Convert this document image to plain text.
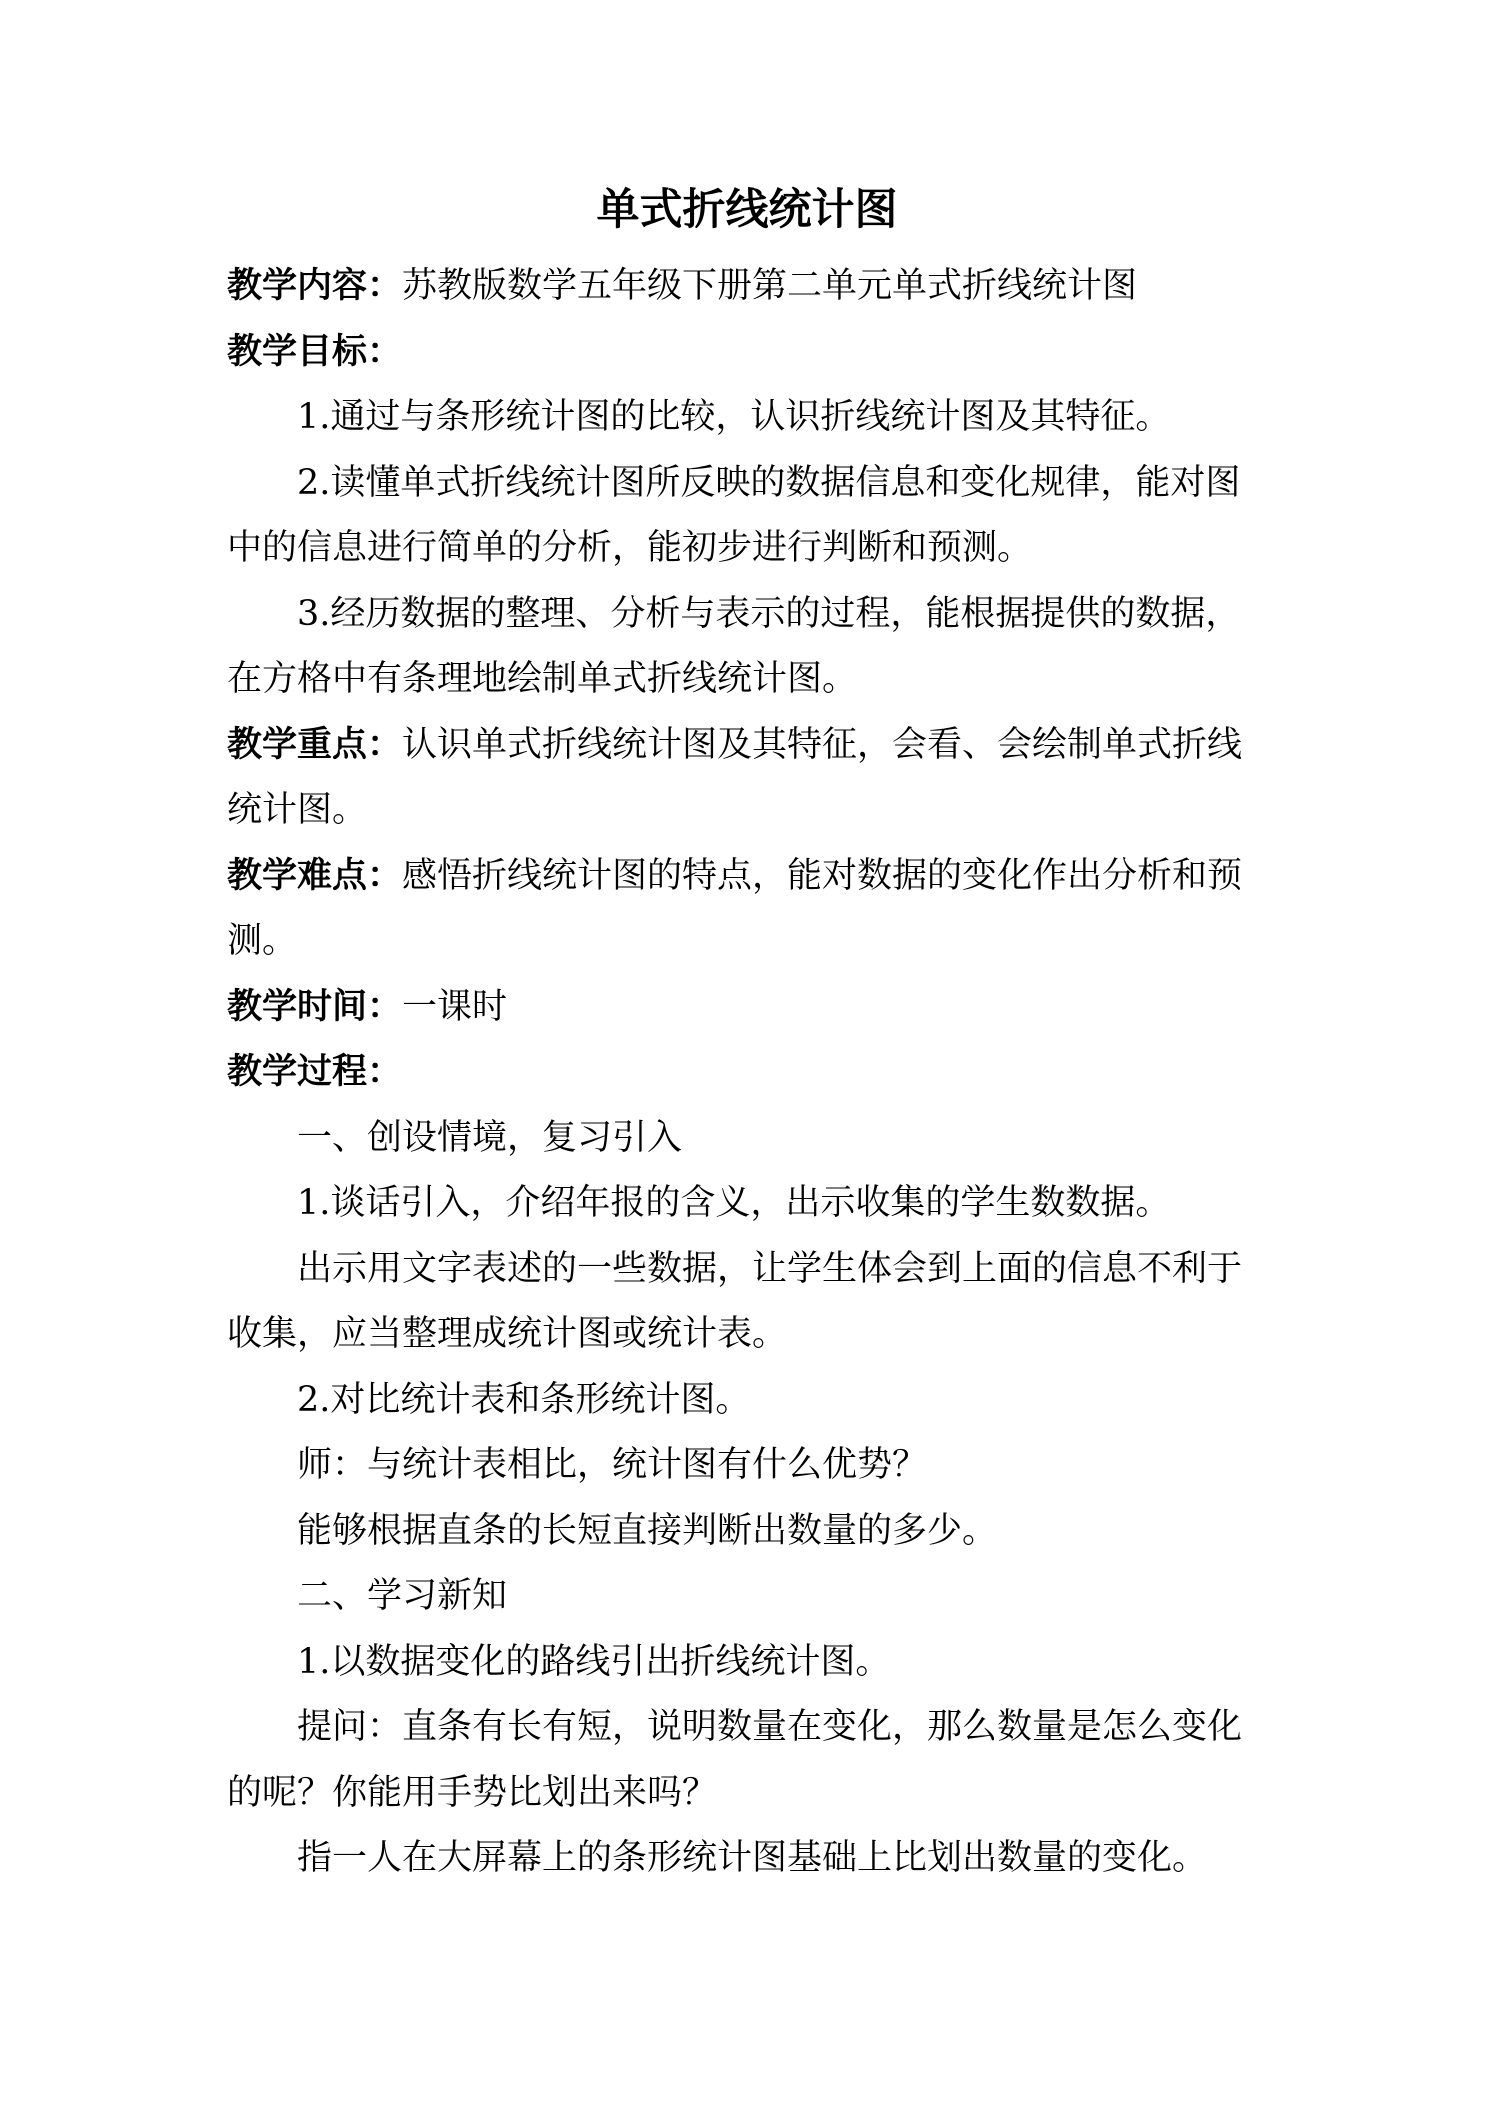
单式折线统计图

教学内容：苏教版数学五年级下册第二单元单式折线统计图

教学目标：

1.通过与条形统计图的比较，认识折线统计图及其特征。

2.读懂单式折线统计图所反映的数据信息和变化规律，能对图

中的信息进行简单的分析，能初步进行判断和预测。

3.经历数据的整理、分析与表示的过程，能根据提供的数据，

在方格中有条理地绘制单式折线统计图。

教学重点：认识单式折线统计图及其特征，会看、会绘制单式折线

统计图。

教学难点：感悟折线统计图的特点，能对数据的变化作出分析和预

测。

教学时间：一课时

教学过程：

一、创设情境，复习引入

1.谈话引入，介绍年报的含义，出示收集的学生数数据。

出示用文字表述的一些数据，让学生体会到上面的信息不利于

收集，应当整理成统计图或统计表。

2.对比统计表和条形统计图。

师：与统计表相比，统计图有什么优势？

能够根据直条的长短直接判断出数量的多少。

二、学习新知

1.以数据变化的路线引出折线统计图。

提问：直条有长有短，说明数量在变化，那么数量是怎么变化

的呢？你能用手势比划出来吗？

指一人在大屏幕上的条形统计图基础上比划出数量的变化。
